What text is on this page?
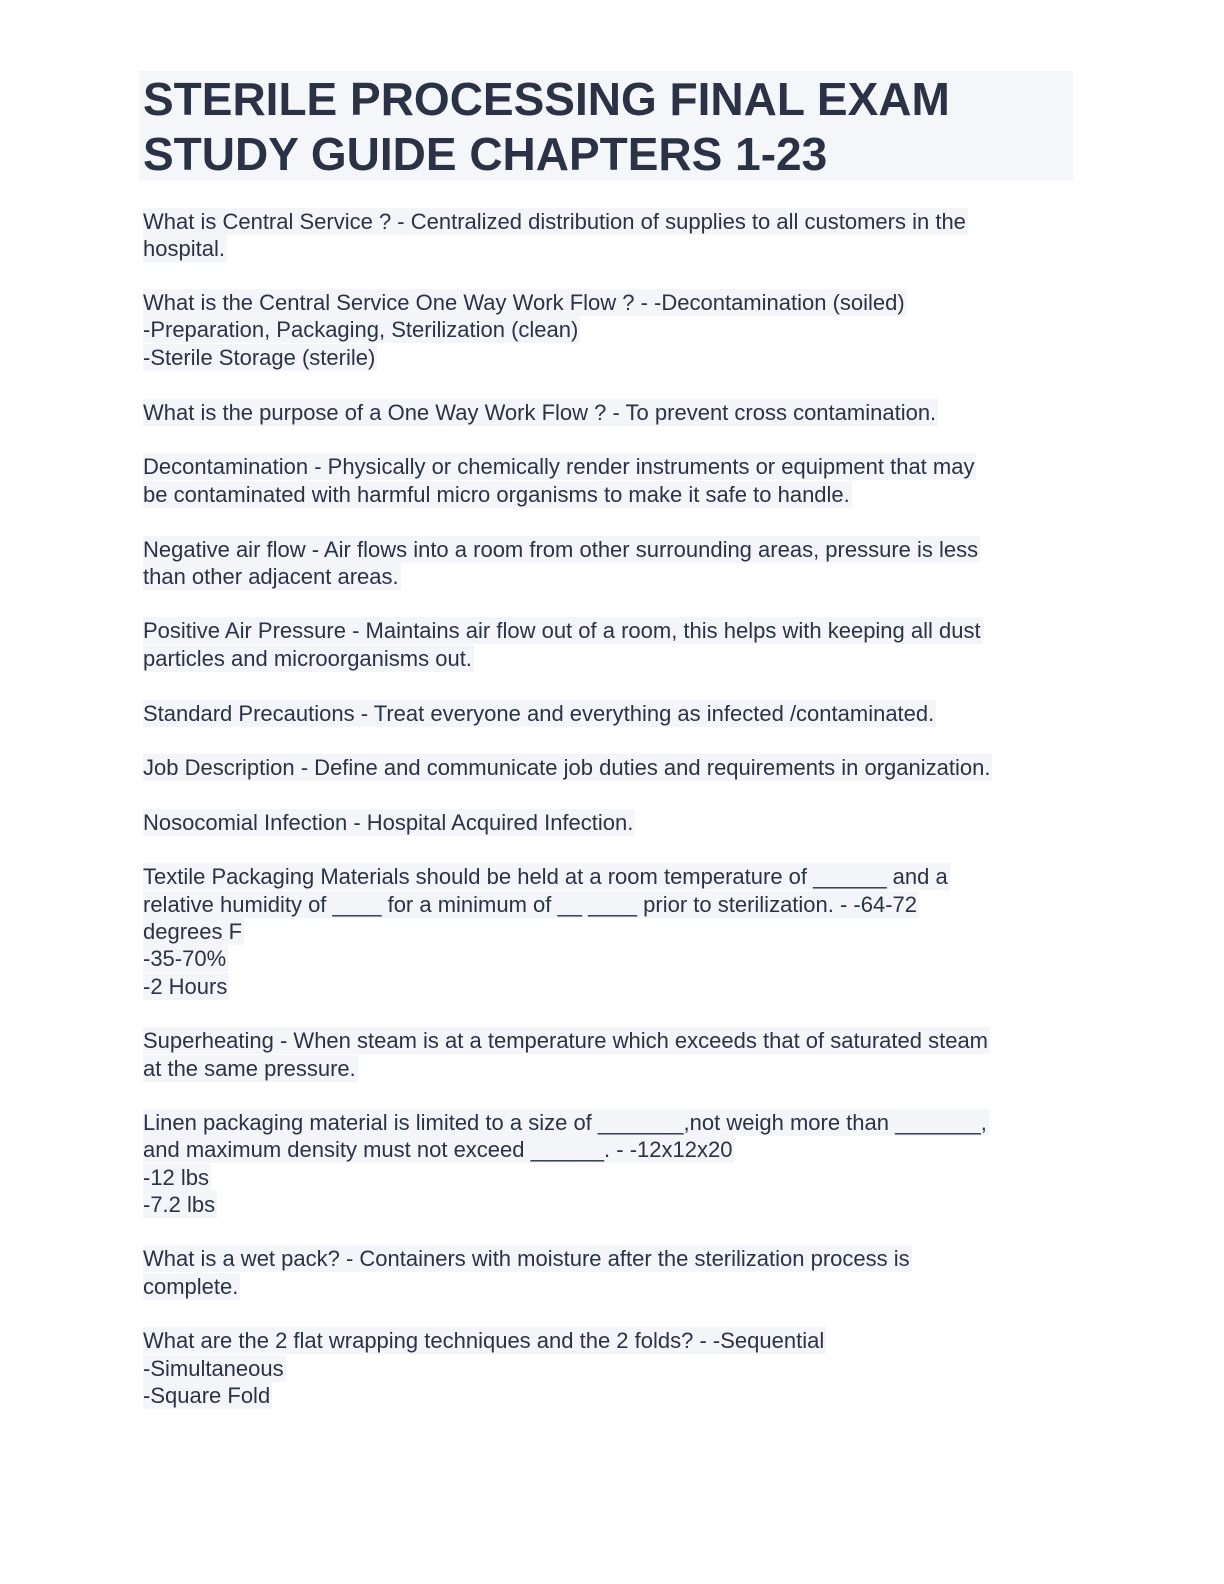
STERILE PROCESSING FINAL EXAM
STUDY GUIDE CHAPTERS 1-23
What is Central Service ? - Centralized distribution of supplies to all customers in the
hospital.
What is the Central Service One Way Work Flow ? - -Decontamination (soiled)
-Preparation, Packaging, Sterilization (clean)
-Sterile Storage (sterile)
What is the purpose of a One Way Work Flow ? - To prevent cross contamination.
Decontamination - Physically or chemically render instruments or equipment that may
be contaminated with harmful micro organisms to make it safe to handle.
Negative air flow - Air flows into a room from other surrounding areas, pressure is less
than other adjacent areas.
Positive Air Pressure - Maintains air flow out of a room, this helps with keeping all dust
particles and microorganisms out.
Standard Precautions - Treat everyone and everything as infected /contaminated.
Job Description - Define and communicate job duties and requirements in organization.
Nosocomial Infection - Hospital Acquired Infection.
Textile Packaging Materials should be held at a room temperature of ______ and a
relative humidity of ____ for a minimum of __ ____ prior to sterilization. - -64-72
degrees F
-35-70%
-2 Hours
Superheating - When steam is at a temperature which exceeds that of saturated steam
at the same pressure.
Linen packaging material is limited to a size of _______,not weigh more than _______,
and maximum density must not exceed ______. - -12x12x20
-12 lbs
-7.2 lbs
What is a wet pack? - Containers with moisture after the sterilization process is
complete.
What are the 2 flat wrapping techniques and the 2 folds? - -Sequential
-Simultaneous
-Square Fold
